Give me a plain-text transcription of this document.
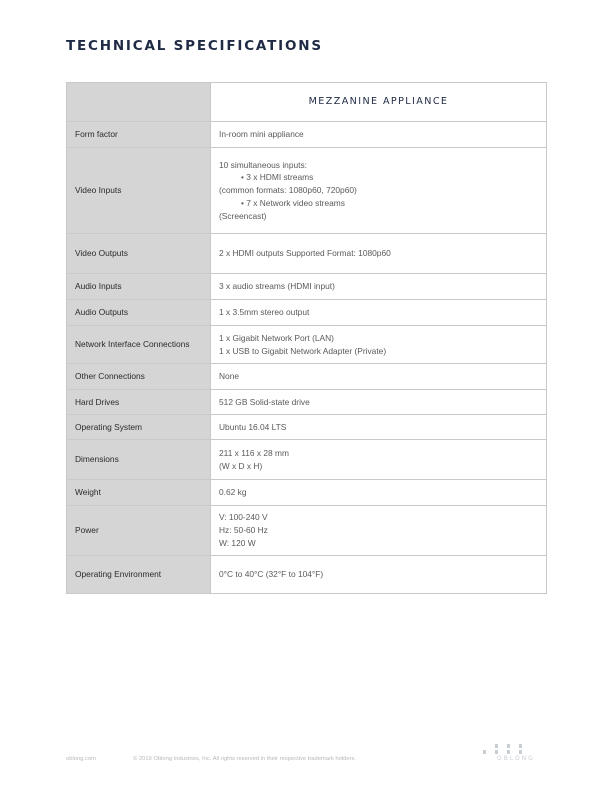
TECHNICAL SPECIFICATIONS
	MEZZANINE APPLIANCE
Form factor	In-room mini appliance

Video Inputs	10 simultaneous inputs:
• 3 x HDMI streams
(common formats: 1080p60, 720p60)
• 7 x Network video streams
(Screencast)

Video Outputs	2 x HDMI outputs Supported Format: 1080p60

Audio Inputs	3 x audio streams (HDMI input)

Audio Outputs	1 x 3.5mm stereo output

Network Interface Connections	1 x Gigabit Network Port (LAN)
1 x USB to Gigabit Network Adapter (Private)

Other Connections	None

Hard Drives	512 GB Solid-state drive

Operating System	Ubuntu 16.04 LTS

Dimensions	211 x 116 x 28 mm
(W x D x H)

Weight	0.62 kg

Power	V: 100-240 V
Hz: 50-60 Hz
W: 120 W

Operating Environment	0°C to 40°C (32°F to 104°F)
oblong.com	© 2019 Oblong Industries, Inc. All rights reserved in their respective trademark holders.	OBLONG
